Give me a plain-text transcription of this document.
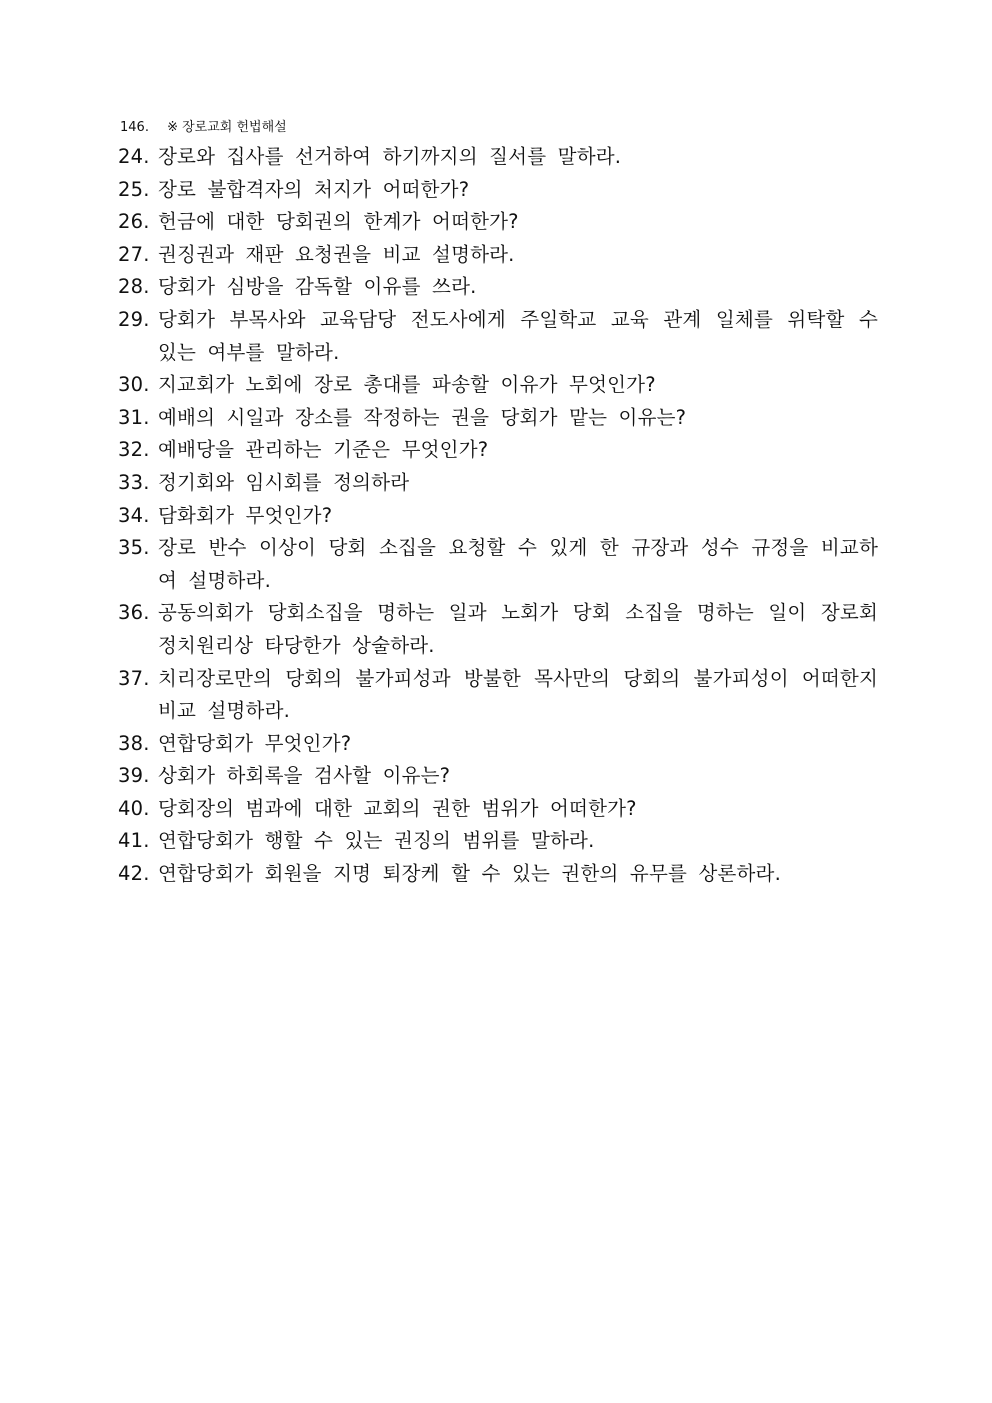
146. ※ 장로교회 헌법해설
24. 장로와 집사를 선거하여 하기까지의 질서를 말하라.
25. 장로 불합격자의 처지가 어떠한가?
26. 헌금에 대한 당회권의 한계가 어떠한가?
27. 권징권과 재판 요청권을 비교 설명하라.
28. 당회가 심방을 감독할 이유를 쓰라.
29. 당회가 부목사와 교육담당 전도사에게 주일학교 교육 관계 일체를 위탁할 수 있는 여부를 말하라.
30. 지교회가 노회에 장로 총대를 파송할 이유가 무엇인가?
31. 예배의 시일과 장소를 작정하는 권을 당회가 맡는 이유는?
32. 예배당을 관리하는 기준은 무엇인가?
33. 정기회와 임시회를 정의하라
34. 담화회가 무엇인가?
35. 장로 반수 이상이 당회 소집을 요청할 수 있게 한 규장과 성수 규정을 비교하여 설명하라.
36. 공동의회가 당회소집을 명하는 일과 노회가 당회 소집을 명하는 일이 장로회 정치원리상 타당한가 상술하라.
37. 치리장로만의 당회의 불가피성과 방불한 목사만의 당회의 불가피성이 어떠한지 비교 설명하라.
38. 연합당회가 무엇인가?
39. 상회가 하회록을 검사할 이유는?
40. 당회장의 범과에 대한 교회의 권한 범위가 어떠한가?
41. 연합당회가 행할 수 있는 권징의 범위를 말하라.
42. 연합당회가 회원을 지명 퇴장케 할 수 있는 권한의 유무를 상론하라.
